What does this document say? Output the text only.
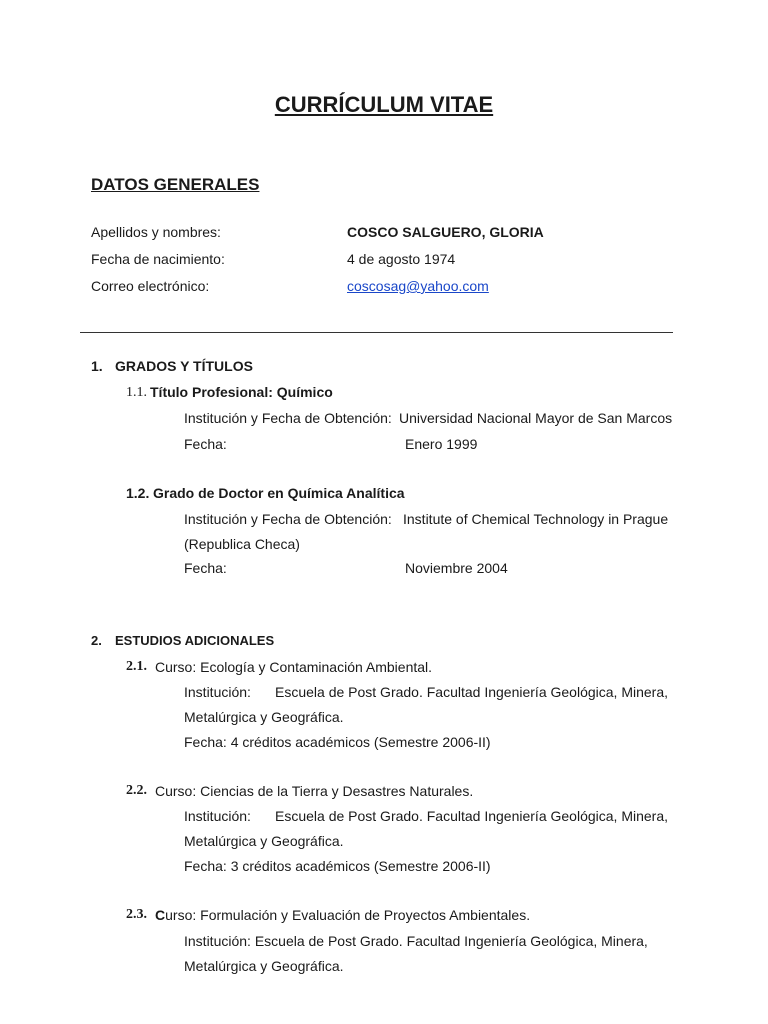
CURRÍCULUM VITAE
DATOS GENERALES
Apellidos y nombres:	COSCO SALGUERO, GLORIA
Fecha de nacimiento:	4 de agosto 1974
Correo electrónico:	coscosag@yahoo.com
1. GRADOS Y TÍTULOS
1.1. Título Profesional: Químico
Institución y Fecha de Obtención: Universidad Nacional Mayor de San Marcos
Fecha:	Enero 1999
1.2. Grado de Doctor en Química Analítica
Institución y Fecha de Obtención: Institute of Chemical Technology in Prague
(Republica Checa)
Fecha:	Noviembre 2004
2. ESTUDIOS ADICIONALES
2.1. Curso: Ecología y Contaminación Ambiental.
Institución: Escuela de Post Grado. Facultad Ingeniería Geológica, Minera,
Metalúrgica y Geográfica.
Fecha: 4 créditos académicos (Semestre 2006-II)
2.2. Curso: Ciencias de la Tierra y Desastres Naturales.
Institución: Escuela de Post Grado. Facultad Ingeniería Geológica, Minera,
Metalúrgica y Geográfica.
Fecha: 3 créditos académicos (Semestre 2006-II)
2.3. Curso: Formulación y Evaluación de Proyectos Ambientales.
Institución: Escuela de Post Grado. Facultad Ingeniería Geológica, Minera,
Metalúrgica y Geográfica.
